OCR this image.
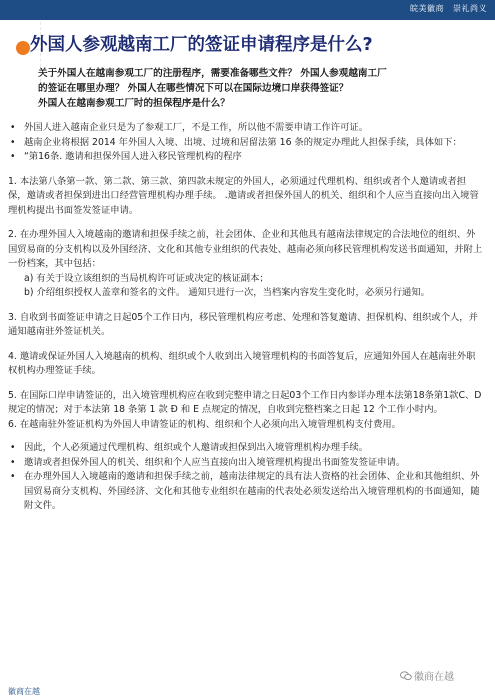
皖美徽商 崇礼尚义
外国人参观越南工厂的签证申请程序是什么?

关于外国人在越南参观工厂的注册程序，需要准备哪些文件？ 外国人参观越南工厂

的签证在哪里办理？ 外国人在哪些情况下可以在国际边境口岸获得签证？

外国人在越南参观工厂时的担保程序是什么？

• 外国人进入越南企业只是为了参观工厂，不是工作，所以他不需要申请工作许可证。

• 越南企业将根据 2014 年外国人入境、出境、过境和居留法第 16 条的规定办理此人担保手续，具体如下：

• “第16条. 邀请和担保外国人进入移民管理机构的程序

1. 本法第八条第一款、第二款、第三款、第四款未规定的外国人，必须通过代理机构、组织或者个人邀请或者担保，邀请或者担保到进出口经营管理机构办理手续。 .邀请或者担保外国人的机关、组织和个人应当直接向出入境管理机构提出书面签发签证申请。

2. 在办理外国人入境越南的邀请和担保手续之前，社会团体、企业和其他具有越南法律规定的合法地位的组织、外国贸易商的分支机构以及外国经济、文化和其他专业组织的代表处、越南必须向移民管理机构发送书面通知，并附上一份档案，其中包括：

a) 有关于设立该组织的当局机构许可证或决定的核证副本；

b) 介绍组织授权人盖章和签名的文件。 通知只进行一次，当档案内容发生变化时，必须另行通知。

3. 自收到书面签证申请之日起05个工作日内，移民管理机构应考虑、处理和答复邀请、担保机构、组织或个人，并通知越南驻外签证机关。

4. 邀请或保证外国人入境越南的机构、组织或个人收到出入境管理机构的书面答复后，应通知外国人在越南驻外职权机构办理签证手续。

5. 在国际口岸申请签证的，出入境管理机构应在收到完整申请之日起03个工作日内参详办理本法第18条第1款C、D 规定的情况；对于本法第 18 条第 1 款 Đ 和 E 点规定的情况，自收到完整档案之日起 12 个工作小时内。

6. 在越南驻外签证机构为外国人申请签证的机构、组织和个人必须向出入境管理机构支付费用。

• 因此，个人必须通过代理机构、组织或个人邀请或担保到出入境管理机构办理手续。

• 邀请或者担保外国人的机关、组织和个人应当直接向出入境管理机构提出书面签发签证申请。

• 在办理外国人入境越南的邀请和担保手续之前，越南法律规定的具有法人资格的社会团体、企业和其他组织、外国贸易商分支机构、外国经济、文化和其他专业组织在越南的代表处必须发送给出入境管理机构的书面通知，随附文件。

徽商在越
徽商在越
